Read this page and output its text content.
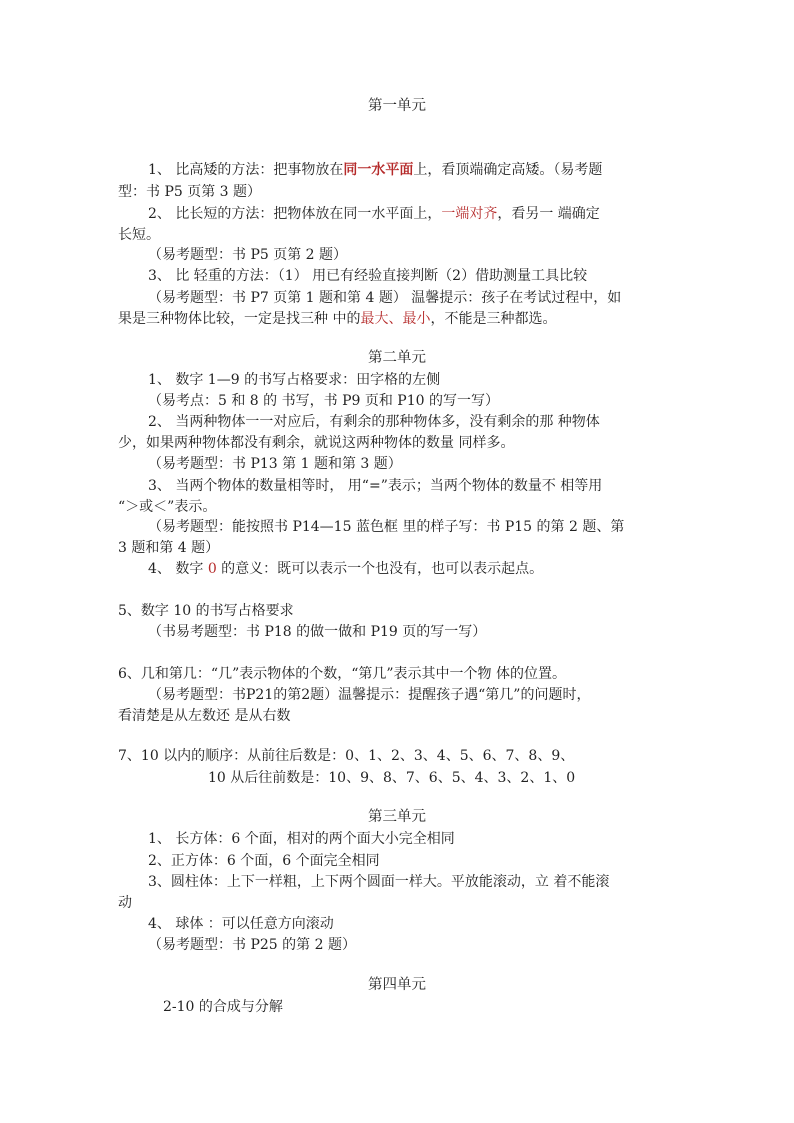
第一单元
1、 比高矮的方法：把事物放在同一水平面上，看顶端确定高矮。（易考题
型：书 P5 页第 3 题）
2、 比长短的方法：把物体放在同一水平面上，一端对齐，看另一 端确定
长短。
（易考题型：书 P5 页第 2 题）
3、 比 轻重的方法：（1） 用已有经验直接判断（2）借助测量工具比较
（易考题型：书 P7 页第 1 题和第 4 题） 温馨提示：孩子在考试过程中，如
果是三种物体比较，一定是找三种 中的最大、最小，不能是三种都选。
第二单元
1、 数字 1—9 的书写占格要求：田字格的左侧
（易考点：5 和 8 的 书写，书 P9 页和 P10 的写一写）
2、 当两种物体一一对应后，有剩余的那种物体多，没有剩余的那 种物体
少，如果两种物体都没有剩余，就说这两种物体的数量 同样多。
（易考题型：书 P13 第 1 题和第 3 题）
3、 当两个物体的数量相等时， 用“=”表示；当两个物体的数量不 相等用
“＞或＜”表示。
（易考题型：能按照书 P14—15 蓝色框 里的样子写：书 P15 的第 2 题、第
3 题和第 4 题）
4、 数字 0 的意义：既可以表示一个也没有，也可以表示起点。
5、数字 10 的书写占格要求
（书易考题型：书 P18 的做一做和 P19 页的写一写）
6、几和第几：“几”表示物体的个数，“第几”表示其中一个物 体的位置。
（易考题型：书P21的第2题）温馨提示：提醒孩子遇“第几”的问题时，
看清楚是从左数还 是从右数
7、10 以内的顺序：从前往后数是：0、1、2、3、4、5、6、7、8、9、
10 从后往前数是：10、9、8、7、6、5、4、3、2、1、0
第三单元
1、 长方体：6 个面，相对的两个面大小完全相同
2、正方体：6 个面，6 个面完全相同
3、圆柱体：上下一样粗，上下两个圆面一样大。平放能滚动，立 着不能滚
动
4、 球体 ：可以任意方向滚动
（易考题型：书 P25 的第 2 题）
第四单元
2-10 的合成与分解
